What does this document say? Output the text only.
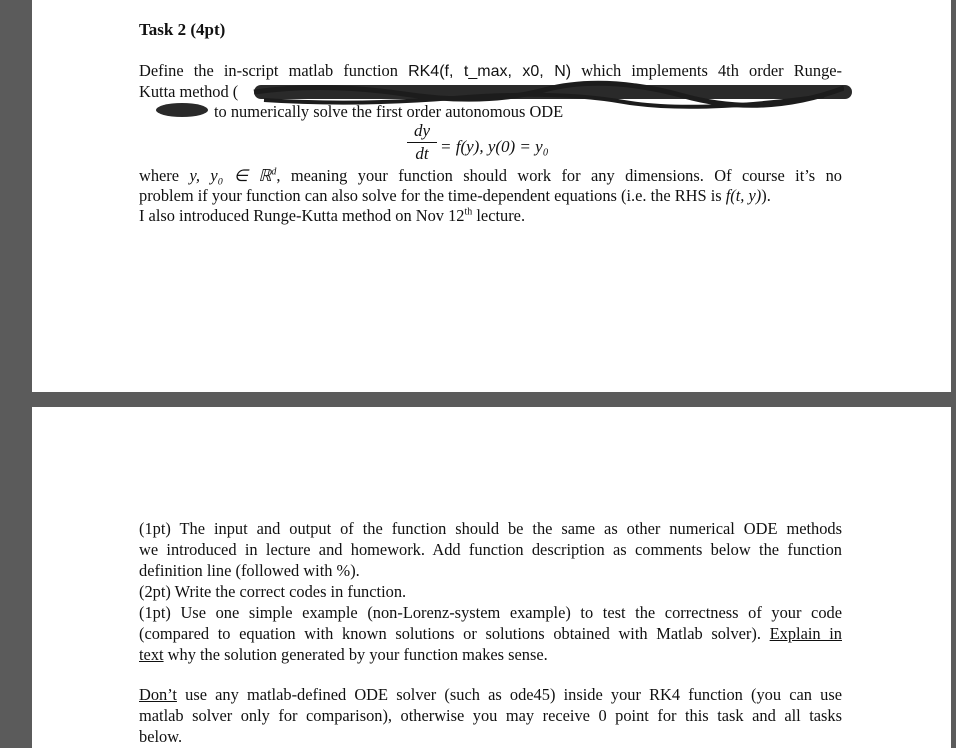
Task 2 (4pt)
Define the in-script matlab function RK4(f, t_max, x0, N) which implements 4th order Runge-
Kutta method (
to numerically solve the first order autonomous ODE
dy
dt = f(y), y(0) = y₀
where y, y₀ ∈ ℝ$^d$, meaning your function should work for any dimensions. Of course it’s no
problem if your function can also solve for the time-dependent equations (i.e. the RHS is f(t, y)).
I also introduced Runge-Kutta method on Nov 12th lecture.
(1pt) The input and output of the function should be the same as other numerical ODE methods
we introduced in lecture and homework. Add function description as comments below the function
definition line (followed with %).
(2pt) Write the correct codes in function.
(1pt) Use one simple example (non-Lorenz-system example) to test the correctness of your code
(compared to equation with known solutions or solutions obtained with Matlab solver). Explain in
text why the solution generated by your function makes sense.
Don’t use any matlab-defined ODE solver (such as ode45) inside your RK4 function (you can use
matlab solver only for comparison), otherwise you may receive 0 point for this task and all tasks
below.
